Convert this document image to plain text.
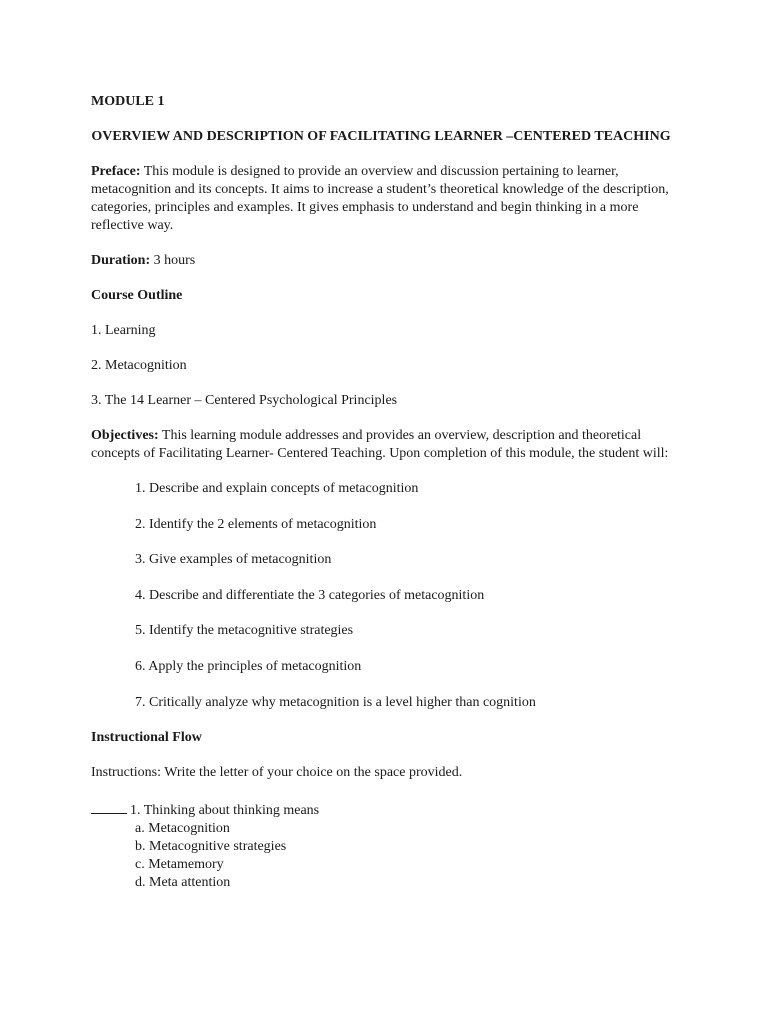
MODULE 1

OVERVIEW AND DESCRIPTION OF FACILITATING LEARNER –CENTERED TEACHING

Preface: This module is designed to provide an overview and discussion pertaining to learner, metacognition and its concepts. It aims to increase a student’s theoretical knowledge of the description, categories, principles and examples. It gives emphasis to understand and begin thinking in a more reflective way.

Duration: 3 hours

Course Outline

1. Learning

2. Metacognition

3. The 14 Learner – Centered Psychological Principles

Objectives: This learning module addresses and provides an overview, description and theoretical concepts of Facilitating Learner- Centered Teaching. Upon completion of this module, the student will:

1. Describe and explain concepts of metacognition
2. Identify the 2 elements of metacognition
3. Give examples of metacognition
4. Describe and differentiate the 3 categories of metacognition
5. Identify the metacognitive strategies
6. Apply the principles of metacognition
7. Critically analyze why metacognition is a level higher than cognition

Instructional Flow

Instructions: Write the letter of your choice on the space provided.

1. Thinking about thinking means
a. Metacognition
b. Metacognitive strategies
c. Metamemory
d. Meta attention
